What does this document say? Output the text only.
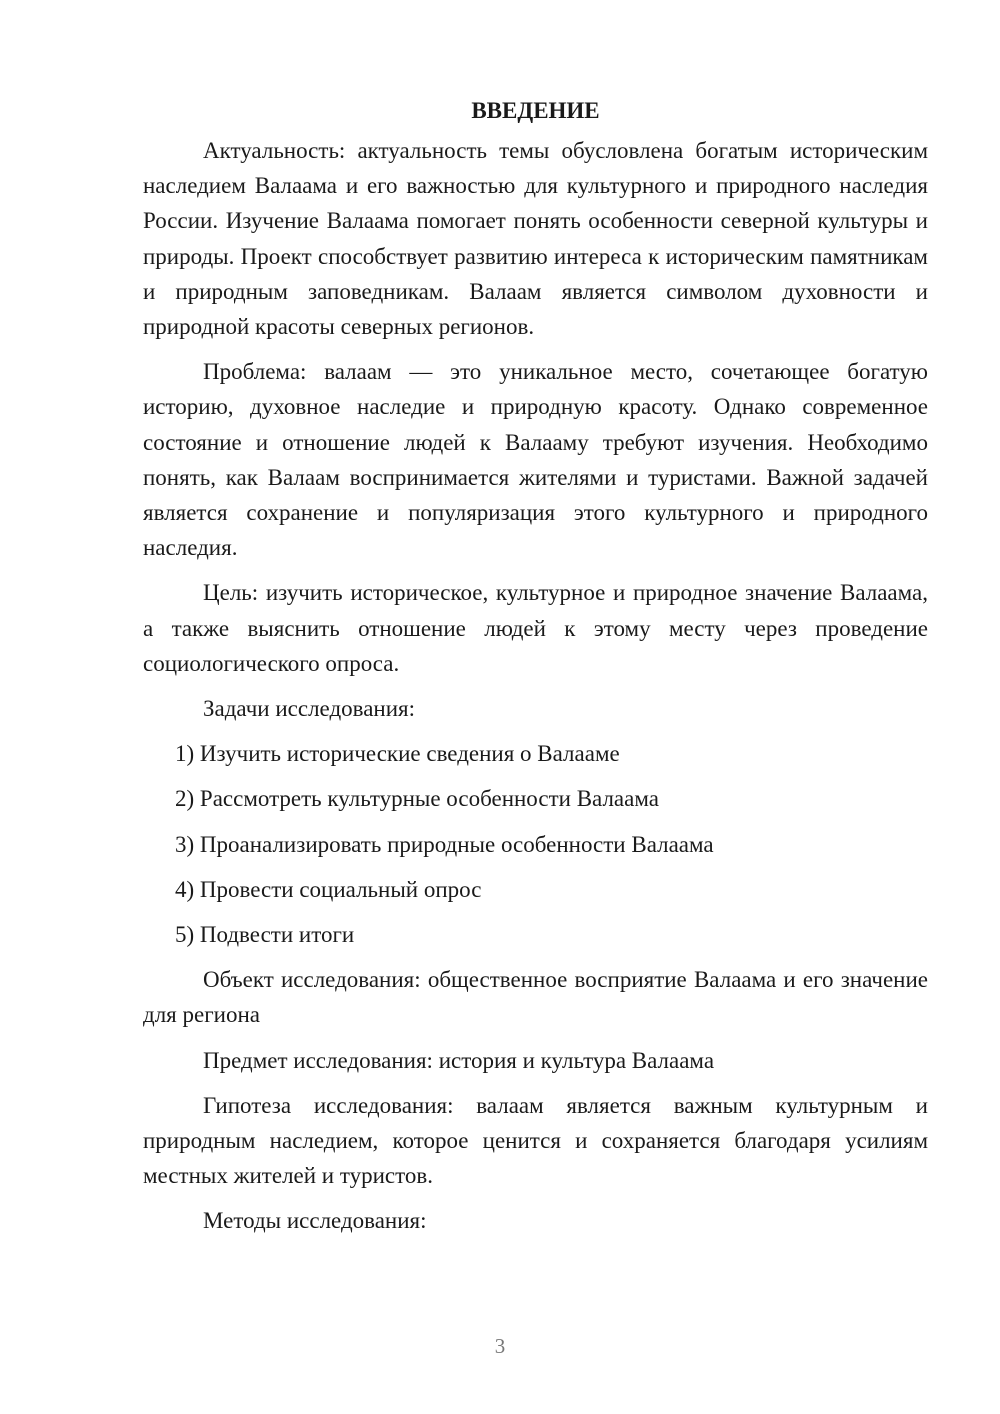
ВВЕДЕНИЕ

Актуальность: актуальность темы обусловлена богатым историческим наследием Валаама и его важностью для культурного и природного наследия России. Изучение Валаама помогает понять особенности северной культуры и природы. Проект способствует развитию интереса к историческим памятникам и природным заповедникам. Валаам является символом духовности и природной красоты северных регионов.

Проблема: валаам — это уникальное место, сочетающее богатую историю, духовное наследие и природную красоту. Однако современное состояние и отношение людей к Валааму требуют изучения. Необходимо понять, как Валаам воспринимается жителями и туристами. Важной задачей является сохранение и популяризация этого культурного и природного наследия.

Цель: изучить историческое, культурное и природное значение Валаама, а также выяснить отношение людей к этому месту через проведение социологического опроса.

Задачи исследования:

1) Изучить исторические сведения о Валааме
2) Рассмотреть культурные особенности Валаама
3) Проанализировать природные особенности Валаама
4) Провести социальный опрос
5) Подвести итоги

Объект исследования: общественное восприятие Валаама и его значение для региона

Предмет исследования: история и культура Валаама

Гипотеза исследования: валаам является важным культурным и природным наследием, которое ценится и сохраняется благодаря усилиям местных жителей и туристов.

Методы исследования:

3
